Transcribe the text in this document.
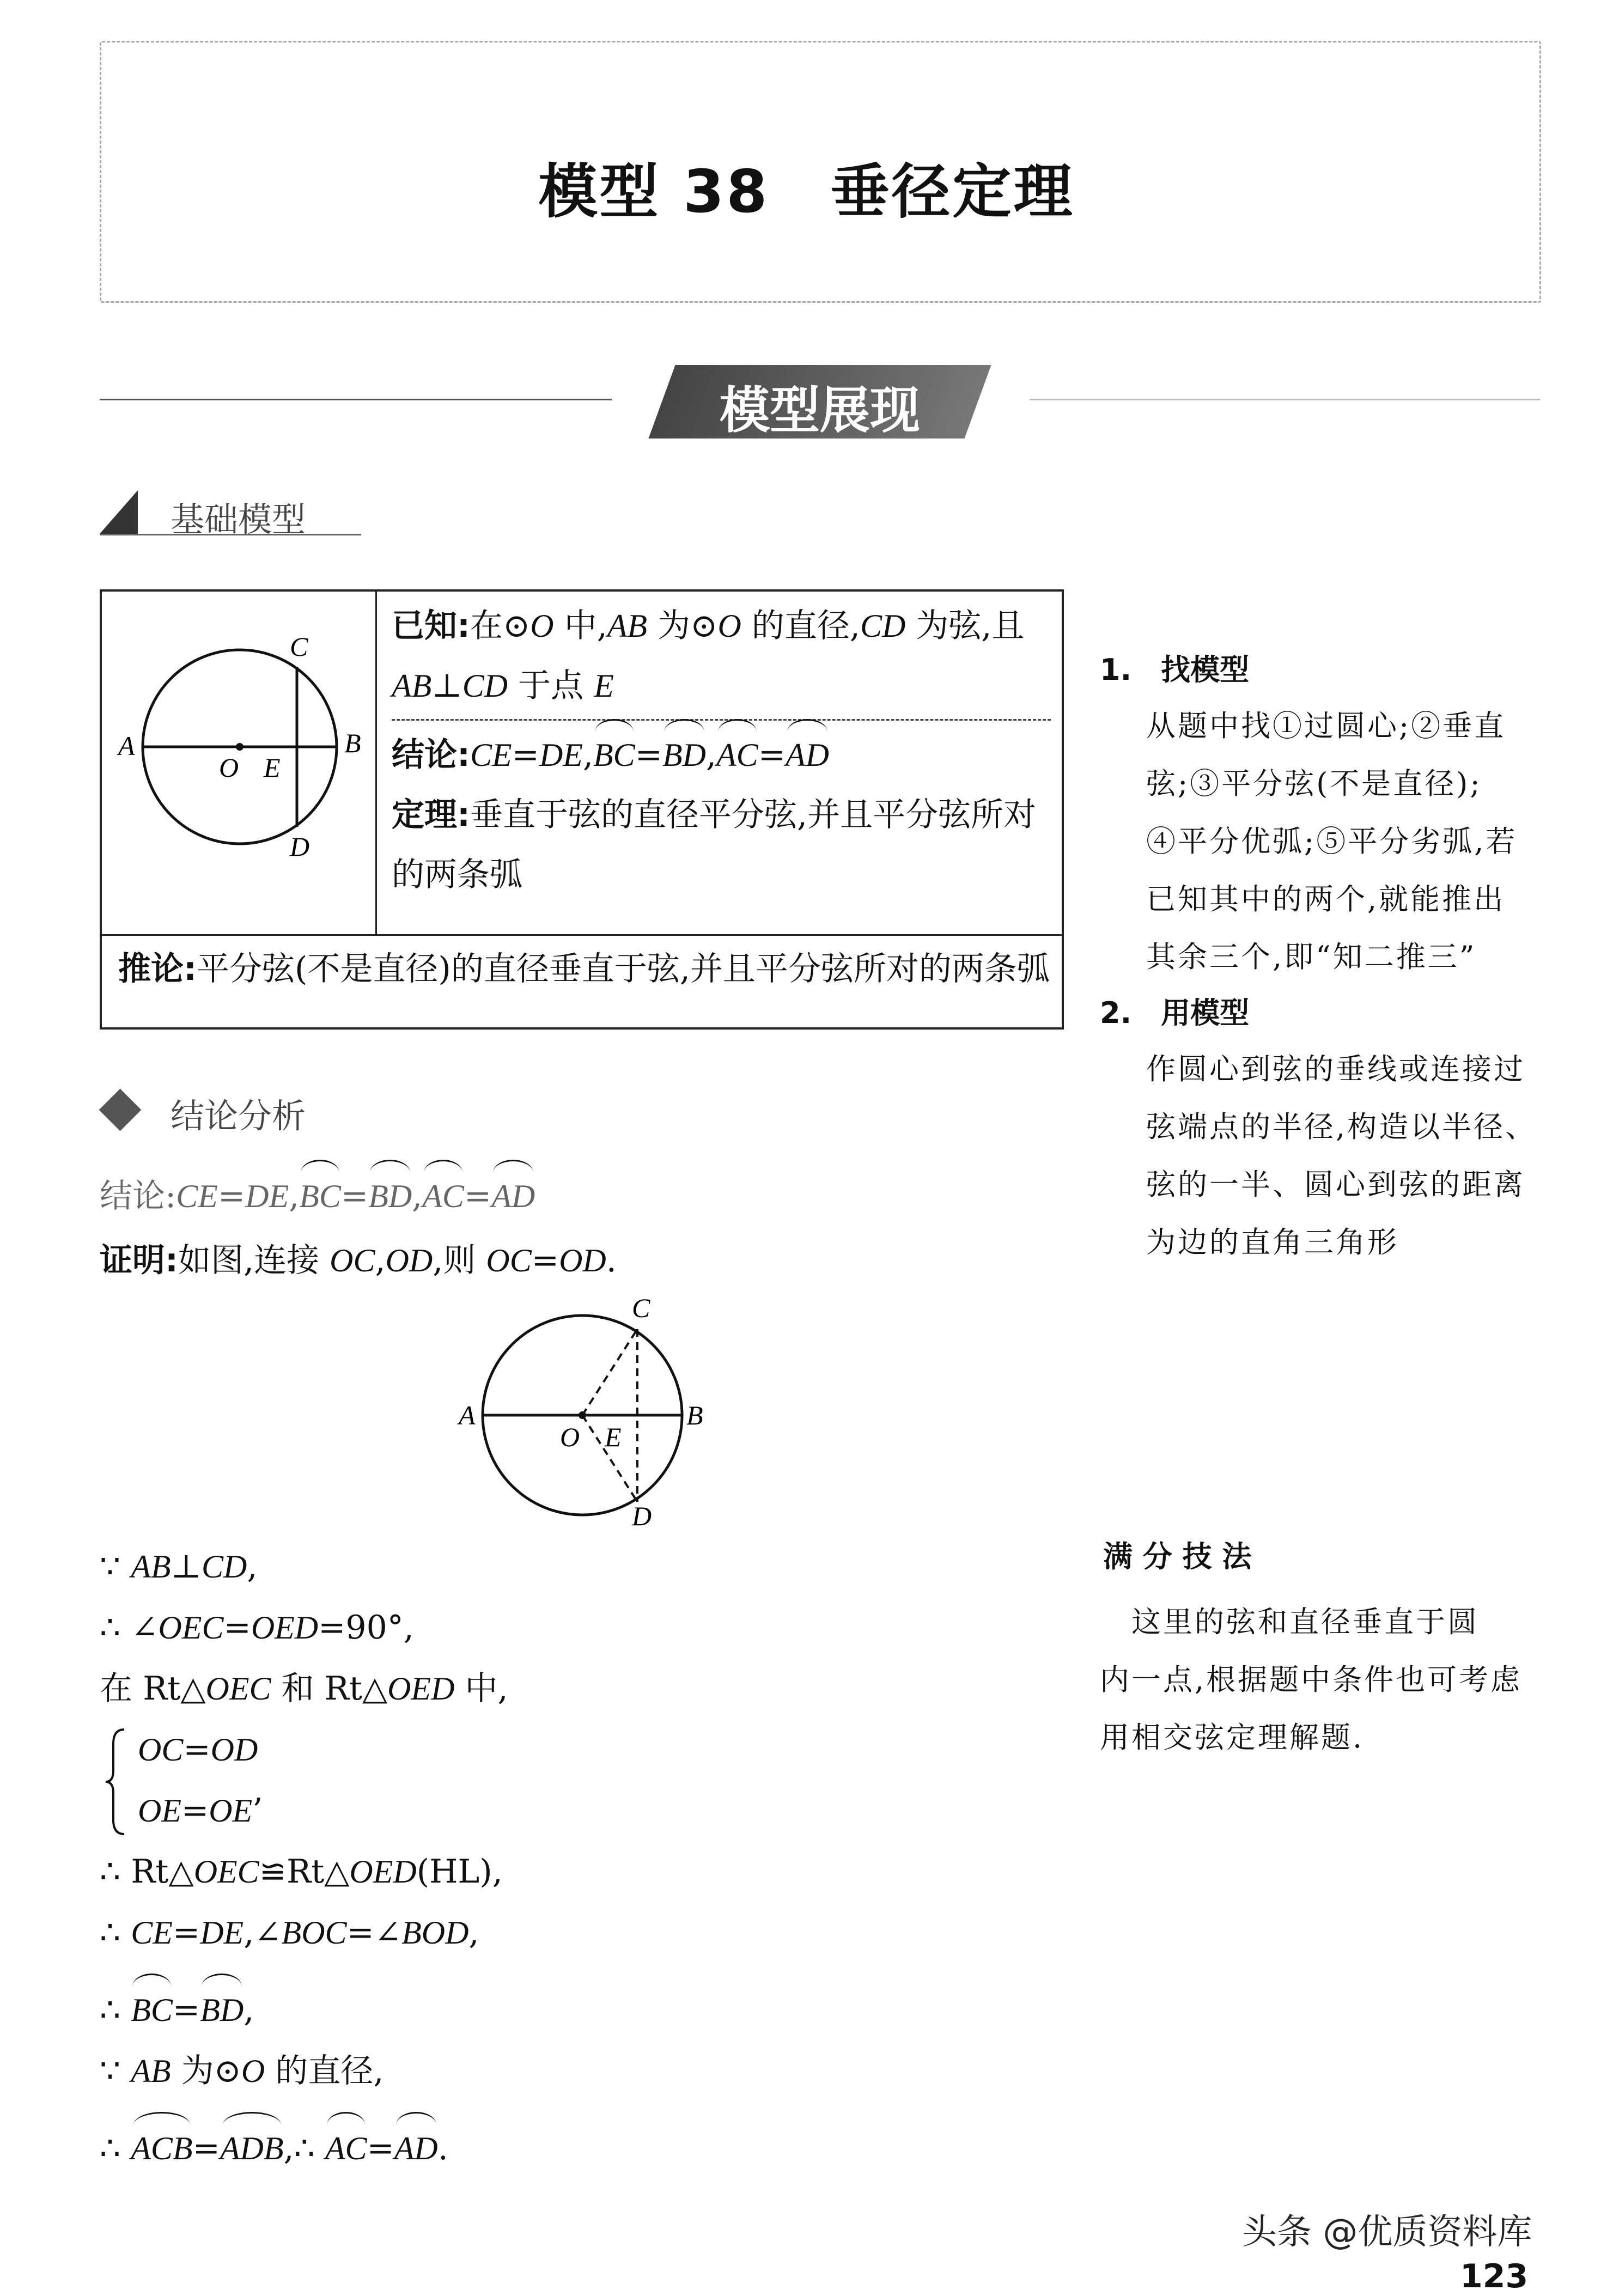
模型 38　垂径定理
模型展现
基础模型
A	B
C
D
O E
已知:在⊙O 中,AB 为⊙O 的直径,CD 为弦,且 AB⊥CD 于点 E
结论:CE=DE,BC=BD,AC=AD
定理:垂直于弦的直径平分弦,并且平分弦所对的两条弧
推论:平分弦(不是直径)的直径垂直于弦,并且平分弦所对的两条弧
1.　 找模型
从题中找①过圆心;②垂直
弦;③平分弦(不是直径);
④平分优弧;⑤平分劣弧,若
已知其中的两个,就能推出
其余三个,即“知二推三”
2.　 用模型
作圆心到弦的垂线或连接过
弦端点的半径,构造以半径、
弦的一半、圆心到弦的距离
为边的直角三角形
满 分 技 法
　这里的弦和直径垂直于圆
内一点,根据题中条件也可考虑
用相交弦定理解题.
结论分析
结论:CE=DE,BC=BD,AC=AD
证明:如图,连接 OC,OD,则 OC=OD.
A	B
C
D
O E
∵ AB⊥CD,
∴ ∠OEC=OED=90°,
在 Rt△OEC 和 Rt△OED 中,
OC=OD
OE=OE’
∴ Rt△OEC≌Rt△OED(HL),
∴ CE=DE,∠BOC=∠BOD,
∴ BC=BD,
∵ AB 为⊙O 的直径,
∴ ACB=ADB,∴ AC=AD.
头条 @优质资料库
123
